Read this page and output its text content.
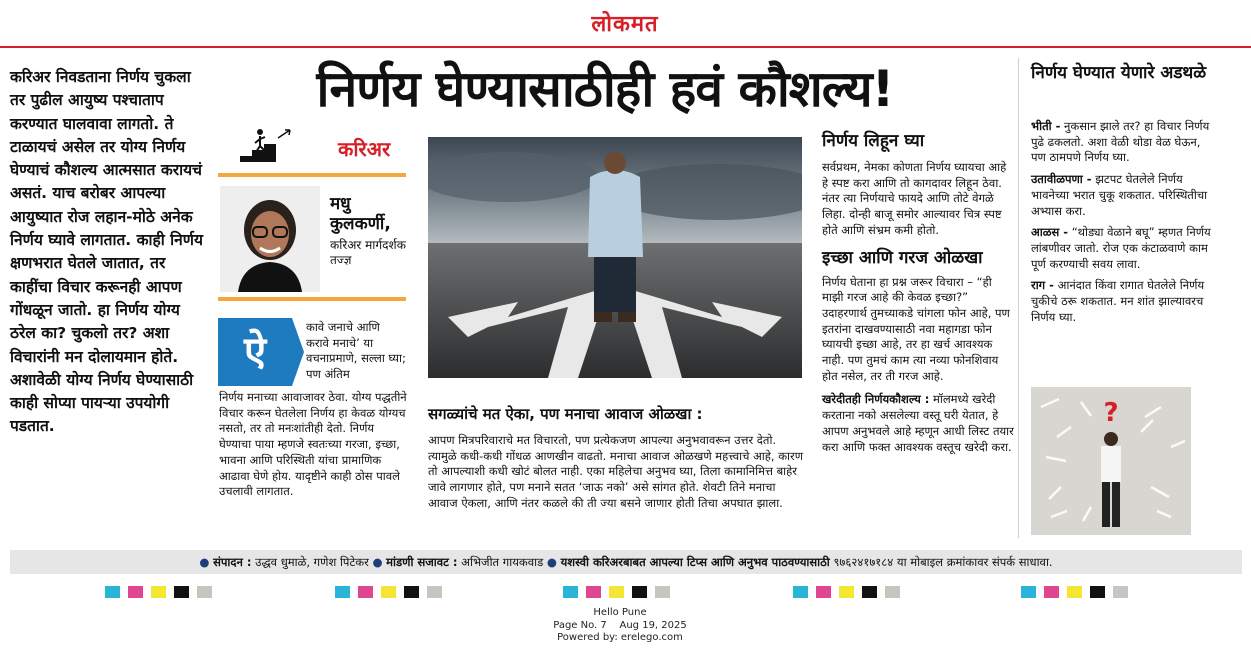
लोकमत
करिअर निवडताना निर्णय चुकला तर पुढील आयुष्य पश्चाताप करण्यात घालवावा लागतो. ते टाळायचं असेल तर योग्य निर्णय घेण्याचं कौशल्य आत्मसात करायचं असतं. याच बरोबर आपल्या आयुष्यात रोज लहान-मोठे अनेक निर्णय घ्यावे लागतात. काही निर्णय क्षणभरात घेतले जातात, तर काहींचा विचार करूनही आपण गोंधळून जातो. हा निर्णय योग्य ठरेल का? चुकलो तर? अशा विचारांनी मन दोलायमान होते. अशावेळी योग्य निर्णय घेण्यासाठी काही सोप्या पायऱ्या उपयोगी पडतात.
निर्णय घेण्यासाठीही हवं कौशल्य!
करिअर
मधु कुलकर्णी,
करिअर मार्गदर्शक तज्ज्ञ
ऐ
कावे जनाचे आणि करावे मनाचे’ या वचनाप्रमाणे, सल्ला घ्या; पण अंतिम
निर्णय मनाच्या आवाजावर ठेवा. योग्य पद्धतीने विचार करून घेतलेला निर्णय हा केवळ योग्यच नसतो, तर तो मनःशांतीही देतो. निर्णय घेण्याचा पाया म्हणजे स्वतःच्या गरजा, इच्छा, भावना आणि परिस्थिती यांचा प्रामाणिक आढावा घेणे होय. यादृष्टीने काही ठोस पावले उचलावी लागतात.
सगळ्यांचे मत ऐका, पण मनाचा आवाज ओळखा :
आपण मित्रपरिवाराचे मत विचारतो, पण प्रत्येकजण आपल्या अनुभवावरून उत्तर देतो. त्यामुळे कधी-कधी गोंधळ आणखीन वाढतो. मनाचा आवाज ओळखणे महत्त्वाचे आहे, कारण तो आपल्याशी कधी खोटं बोलत नाही. एका महिलेचा अनुभव घ्या, तिला कामानिमित्त बाहेर जावे लागणार होते, पण मनाने सतत ‘जाऊ नको’ असे सांगत होते. शेवटी तिने मनाचा आवाज ऐकला, आणि नंतर कळले की ती ज्या बसने जाणार होती तिचा अपघात झाला.
निर्णय लिहून घ्या

सर्वप्रथम, नेमका कोणता निर्णय घ्यायचा आहे हे स्पष्ट करा आणि तो कागदावर लिहून ठेवा. नंतर त्या निर्णयाचे फायदे आणि तोटे वेगळे लिहा. दोन्ही बाजू समोर आल्यावर चित्र स्पष्ट होते आणि संभ्रम कमी होतो.

इच्छा आणि गरज ओळखा

निर्णय घेताना हा प्रश्न जरूर विचारा – “ही माझी गरज आहे की केवळ इच्छा?” उदाहरणार्थ तुमच्याकडे चांगला फोन आहे, पण इतरांना दाखवण्यासाठी नवा महागडा फोन घ्यायची इच्छा आहे, तर हा खर्च आवश्यक नाही. पण तुमचं काम त्या नव्या फोनशिवाय होत नसेल, तर ती गरज आहे.

खरेदीतही निर्णयकौशल्य : मॉलमध्ये खरेदी करताना नको असलेल्या वस्तू घरी येतात, हे आपण अनुभवले आहे म्हणून आधी लिस्ट तयार करा आणि फक्त आवश्यक वस्तूच खरेदी करा.

निर्णय घेण्यात येणारे अडथळे

भीती - नुकसान झाले तर? हा विचार निर्णय पुढे ढकलतो. अशा वेळी थोडा वेळ घेऊन, पण ठामपणे निर्णय घ्या.

उतावीळपणा - झटपट घेतलेले निर्णय भावनेच्या भरात चुकू शकतात. परिस्थितीचा अभ्यास करा.

आळस - “थोड्या वेळाने बघू” म्हणत निर्णय लांबणीवर जातो. रोज एक कंटाळवाणे काम पूर्ण करण्याची सवय लावा.

राग - आनंदात किंवा रागात घेतलेले निर्णय चुकीचे ठरू शकतात. मन शांत झाल्यावरच निर्णय घ्या.

?
● संपादन : उद्धव धुमाळे, गणेश पिटेकर ● मांडणी सजावट : अभिजीत गायकवाड ● यशस्वी करिअरबाबत आपल्या टिप्स आणि अनुभव पाठवण्यासाठी ९७६२४१७१८४ या मोबाइल क्रमांकावर संपर्क साधावा.
Hello Pune
Page No. 7    Aug 19, 2025
Powered by: erelego.com
